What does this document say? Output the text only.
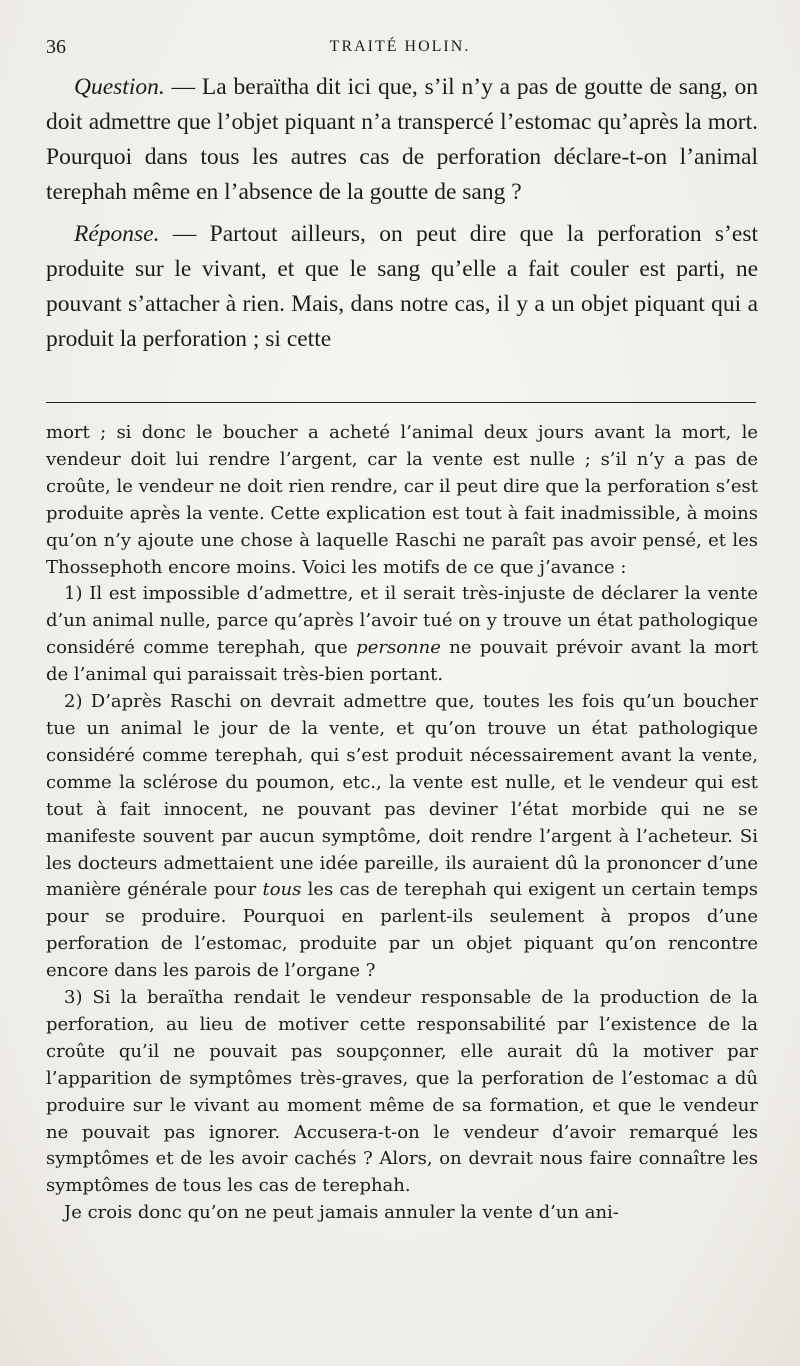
36	TRAITÉ HOLIN.

Question. — La beraïtha dit ici que, s’il n’y a pas de goutte de sang, on doit admettre que l’objet piquant n’a transpercé l’estomac qu’après la mort. Pourquoi dans tous les autres cas de perforation déclare-t-on l’animal terephah même en l’absence de la goutte de sang ?

Réponse. — Partout ailleurs, on peut dire que la perforation s’est produite sur le vivant, et que le sang qu’elle a fait couler est parti, ne pouvant s’attacher à rien. Mais, dans notre cas, il y a un objet piquant qui a produit la perforation ; si cette

mort ; si donc le boucher a acheté l’animal deux jours avant la mort, le vendeur doit lui rendre l’argent, car la vente est nulle ; s’il n’y a pas de croûte, le vendeur ne doit rien rendre, car il peut dire que la perforation s’est produite après la vente. Cette explication est tout à fait inadmissible, à moins qu’on n’y ajoute une chose à laquelle Raschi ne paraît pas avoir pensé, et les Thossephoth encore moins. Voici les motifs de ce que j’avance :

1) Il est impossible d’admettre, et il serait très-injuste de déclarer la vente d’un animal nulle, parce qu’après l’avoir tué on y trouve un état pathologique considéré comme terephah, que personne ne pouvait prévoir avant la mort de l’animal qui paraissait très-bien portant.

2) D’après Raschi on devrait admettre que, toutes les fois qu’un boucher tue un animal le jour de la vente, et qu’on trouve un état pathologique considéré comme terephah, qui s’est produit nécessairement avant la vente, comme la sclérose du poumon, etc., la vente est nulle, et le vendeur qui est tout à fait innocent, ne pouvant pas deviner l’état morbide qui ne se manifeste souvent par aucun symptôme, doit rendre l’argent à l’acheteur. Si les docteurs admettaient une idée pareille, ils auraient dû la prononcer d’une manière générale pour tous les cas de terephah qui exigent un certain temps pour se produire. Pourquoi en parlent-ils seulement à propos d’une perforation de l’estomac, produite par un objet piquant qu’on rencontre encore dans les parois de l’organe ?

3) Si la beraïtha rendait le vendeur responsable de la production de la perforation, au lieu de motiver cette responsabilité par l’existence de la croûte qu’il ne pouvait pas soupçonner, elle aurait dû la motiver par l’apparition de symptômes très-graves, que la perforation de l’estomac a dû produire sur le vivant au moment même de sa formation, et que le vendeur ne pouvait pas ignorer. Accusera-t-on le vendeur d’avoir remarqué les symptômes et de les avoir cachés ? Alors, on devrait nous faire connaître les symptômes de tous les cas de terephah.

Je crois donc qu’on ne peut jamais annuler la vente d’un ani-
